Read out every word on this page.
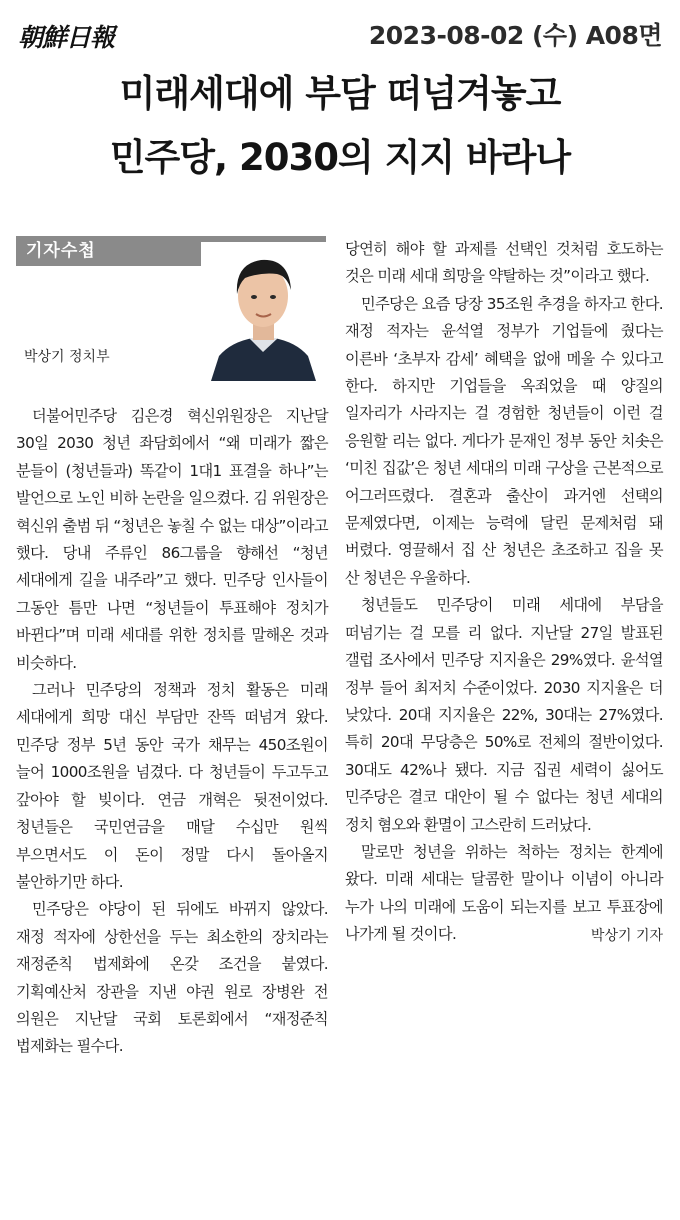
朝鮮日報	2023-08-02 (수) A08면
미래세대에 부담 떠넘겨놓고
민주당, 2030의 지지 바라나
기자수첩
박상기 정치부

더불어민주당 김은경 혁신위원장은 지난달 30일 2030 청년 좌담회에서 “왜 미래가 짧은 분들이 (청년들과) 똑같이 1대1 표결을 하나”는 발언으로 노인 비하 논란을 일으켰다. 김 위원장은 혁신위 출범 뒤 “청년은 놓칠 수 없는 대상”이라고 했다. 당내 주류인 86그룹을 향해선 “청년 세대에게 길을 내주라”고 했다. 민주당 인사들이 그동안 틈만 나면 “청년들이 투표해야 정치가 바뀐다”며 미래 세대를 위한 정치를 말해온 것과 비슷하다.

그러나 민주당의 정책과 정치 활동은 미래 세대에게 희망 대신 부담만 잔뜩 떠넘겨 왔다. 민주당 정부 5년 동안 국가 채무는 450조원이 늘어 1000조원을 넘겼다. 다 청년들이 두고두고 갚아야 할 빚이다. 연금 개혁은 뒷전이었다. 청년들은 국민연금을 매달 수십만 원씩 부으면서도 이 돈이 정말 다시 돌아올지 불안하기만 하다.

민주당은 야당이 된 뒤에도 바뀌지 않았다. 재정 적자에 상한선을 두는 최소한의 장치라는 재정준칙 법제화에 온갖 조건을 붙였다. 기획예산처 장관을 지낸 야권 원로 장병완 전 의원은 지난달 국회 토론회에서 “재정준칙 법제화는 필수다.

당연히 해야 할 과제를 선택인 것처럼 호도하는 것은 미래 세대 희망을 약탈하는 것”이라고 했다.

민주당은 요즘 당장 35조원 추경을 하자고 한다. 재정 적자는 윤석열 정부가 기업들에 줬다는 이른바 ‘초부자 감세’ 혜택을 없애 메울 수 있다고 한다. 하지만 기업들을 옥죄었을 때 양질의 일자리가 사라지는 걸 경험한 청년들이 이런 걸 응원할 리는 없다. 게다가 문재인 정부 동안 치솟은 ‘미친 집값’은 청년 세대의 미래 구상을 근본적으로 어그러뜨렸다. 결혼과 출산이 과거엔 선택의 문제였다면, 이제는 능력에 달린 문제처럼 돼 버렸다. 영끌해서 집 산 청년은 초조하고 집을 못 산 청년은 우울하다.

청년들도 민주당이 미래 세대에 부담을 떠넘기는 걸 모를 리 없다. 지난달 27일 발표된 갤럽 조사에서 민주당 지지율은 29%였다. 윤석열 정부 들어 최저치 수준이었다. 2030 지지율은 더 낮았다. 20대 지지율은 22%, 30대는 27%였다. 특히 20대 무당층은 50%로 전체의 절반이었다. 30대도 42%나 됐다. 지금 집권 세력이 싫어도 민주당은 결코 대안이 될 수 없다는 청년 세대의 정치 혐오와 환멸이 고스란히 드러났다.

말로만 청년을 위하는 척하는 정치는 한계에 왔다. 미래 세대는 달콤한 말이나 이념이 아니라 누가 나의 미래에 도움이 되는지를 보고 투표장에 나가게 될 것이다.	박상기 기자
